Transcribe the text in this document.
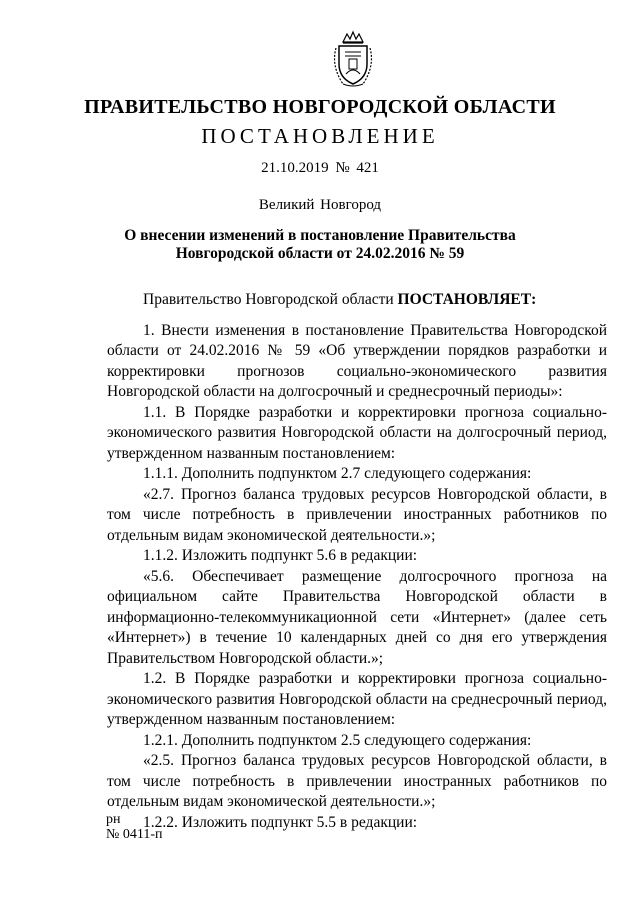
ПРАВИТЕЛЬСТВО НОВГОРОДСКОЙ ОБЛАСТИ
ПОСТАНОВЛЕНИЕ
21.10.2019 № 421
Великий Новгород
О внесении изменений в постановление Правительства
Новгородской области от 24.02.2016 № 59

Правительство Новгородской области ПОСТАНОВЛЯЕТ:

1. Внести изменения в постановление Правительства Новгородской области от 24.02.2016 № 59 «Об утверждении порядков разработки и корректировки прогнозов социально-экономического развития Новгородской области на долгосрочный и среднесрочный периоды»:

1.1. В Порядке разработки и корректировки прогноза социально-экономического развития Новгородской области на долгосрочный период, утвержденном названным постановлением:

1.1.1. Дополнить подпунктом 2.7 следующего содержания:

«2.7. Прогноз баланса трудовых ресурсов Новгородской области, в том числе потребность в привлечении иностранных работников по отдельным видам экономической деятельности.»;

1.1.2. Изложить подпункт 5.6 в редакции:

«5.6. Обеспечивает размещение долгосрочного прогноза на официальном сайте Правительства Новгородской области в информационно-телекоммуникационной сети «Интернет» (далее сеть «Интернет») в течение 10 календарных дней со дня его утверждения Правительством Новгородской области.»;

1.2. В Порядке разработки и корректировки прогноза социально-экономического развития Новгородской области на среднесрочный период, утвержденном названным постановлением:

1.2.1. Дополнить подпунктом 2.5 следующего содержания:

«2.5. Прогноз баланса трудовых ресурсов Новгородской области, в том числе потребность в привлечении иностранных работников по отдельным видам экономической деятельности.»;

1.2.2. Изложить подпункт 5.5 в редакции:

рн
№ 0411-п
